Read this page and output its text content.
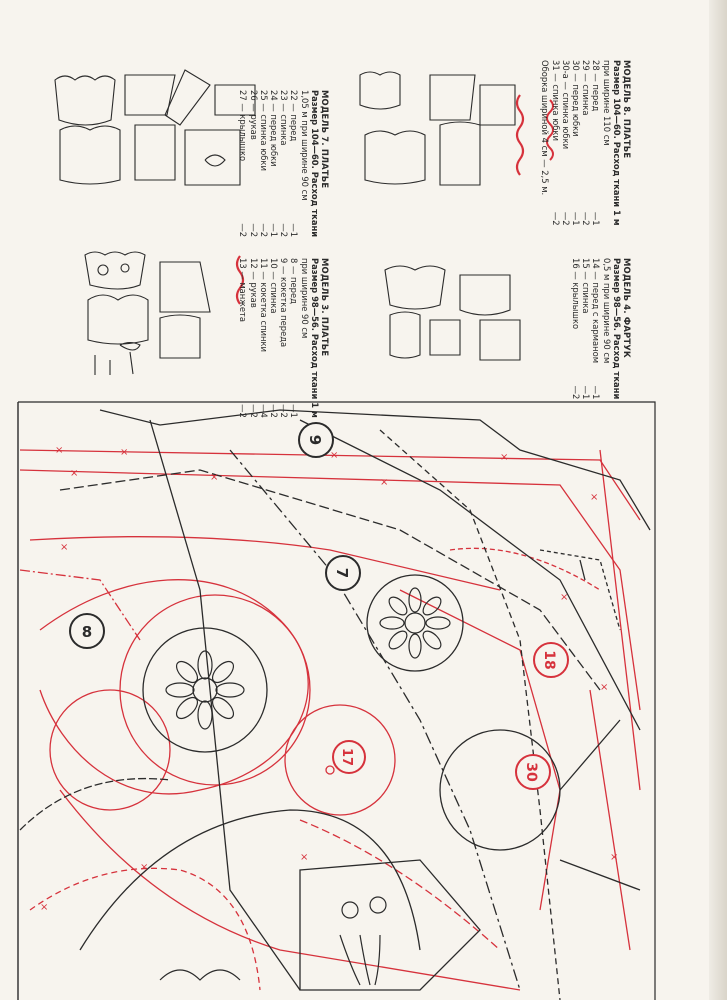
МОДЕЛЬ 3. ПЛАТЬЕ
Размер 98—56. Расход ткани 1 м
при ширине 90 см
8 — перед
—1
9 — кокетка переда
—2
10 — спинка
—2
11 — кокетка спинки
—4
12 — рукав
—2
13 — манжета
—2
МОДЕЛЬ 7. ПЛАТЬЕ
Размер 104—60. Расход ткани
1,05 м при ширине 90 см
22 — перед
—1
23 — спинка
—2
24 — перед юбки
—1
25 — спинка юбки
—2
26 — рукав
—2
27 — крылышко
—2
МОДЕЛЬ 4. ФАРТУК
Размер 98—56. Расход ткани
0,5 м при ширине 90 см
14 — перед с карманом
—1
15 — спинка
—1
16 — крылышко
—2
МОДЕЛЬ 8. ПЛАТЬЕ
Размер 104—60. Расход ткани 1 м
при ширине 110 см
28 — перед
—1
29 — спинка
—2
30 — перед юбки
—1
30-а — спинка юбки
—2
31 — спинка юбки
—2
Оборка шириной 4 см — 2,5 м.
×	×	×	×
×	×	×
×
×
×
×
×
×
×
×
9
7
8
18
17
30
